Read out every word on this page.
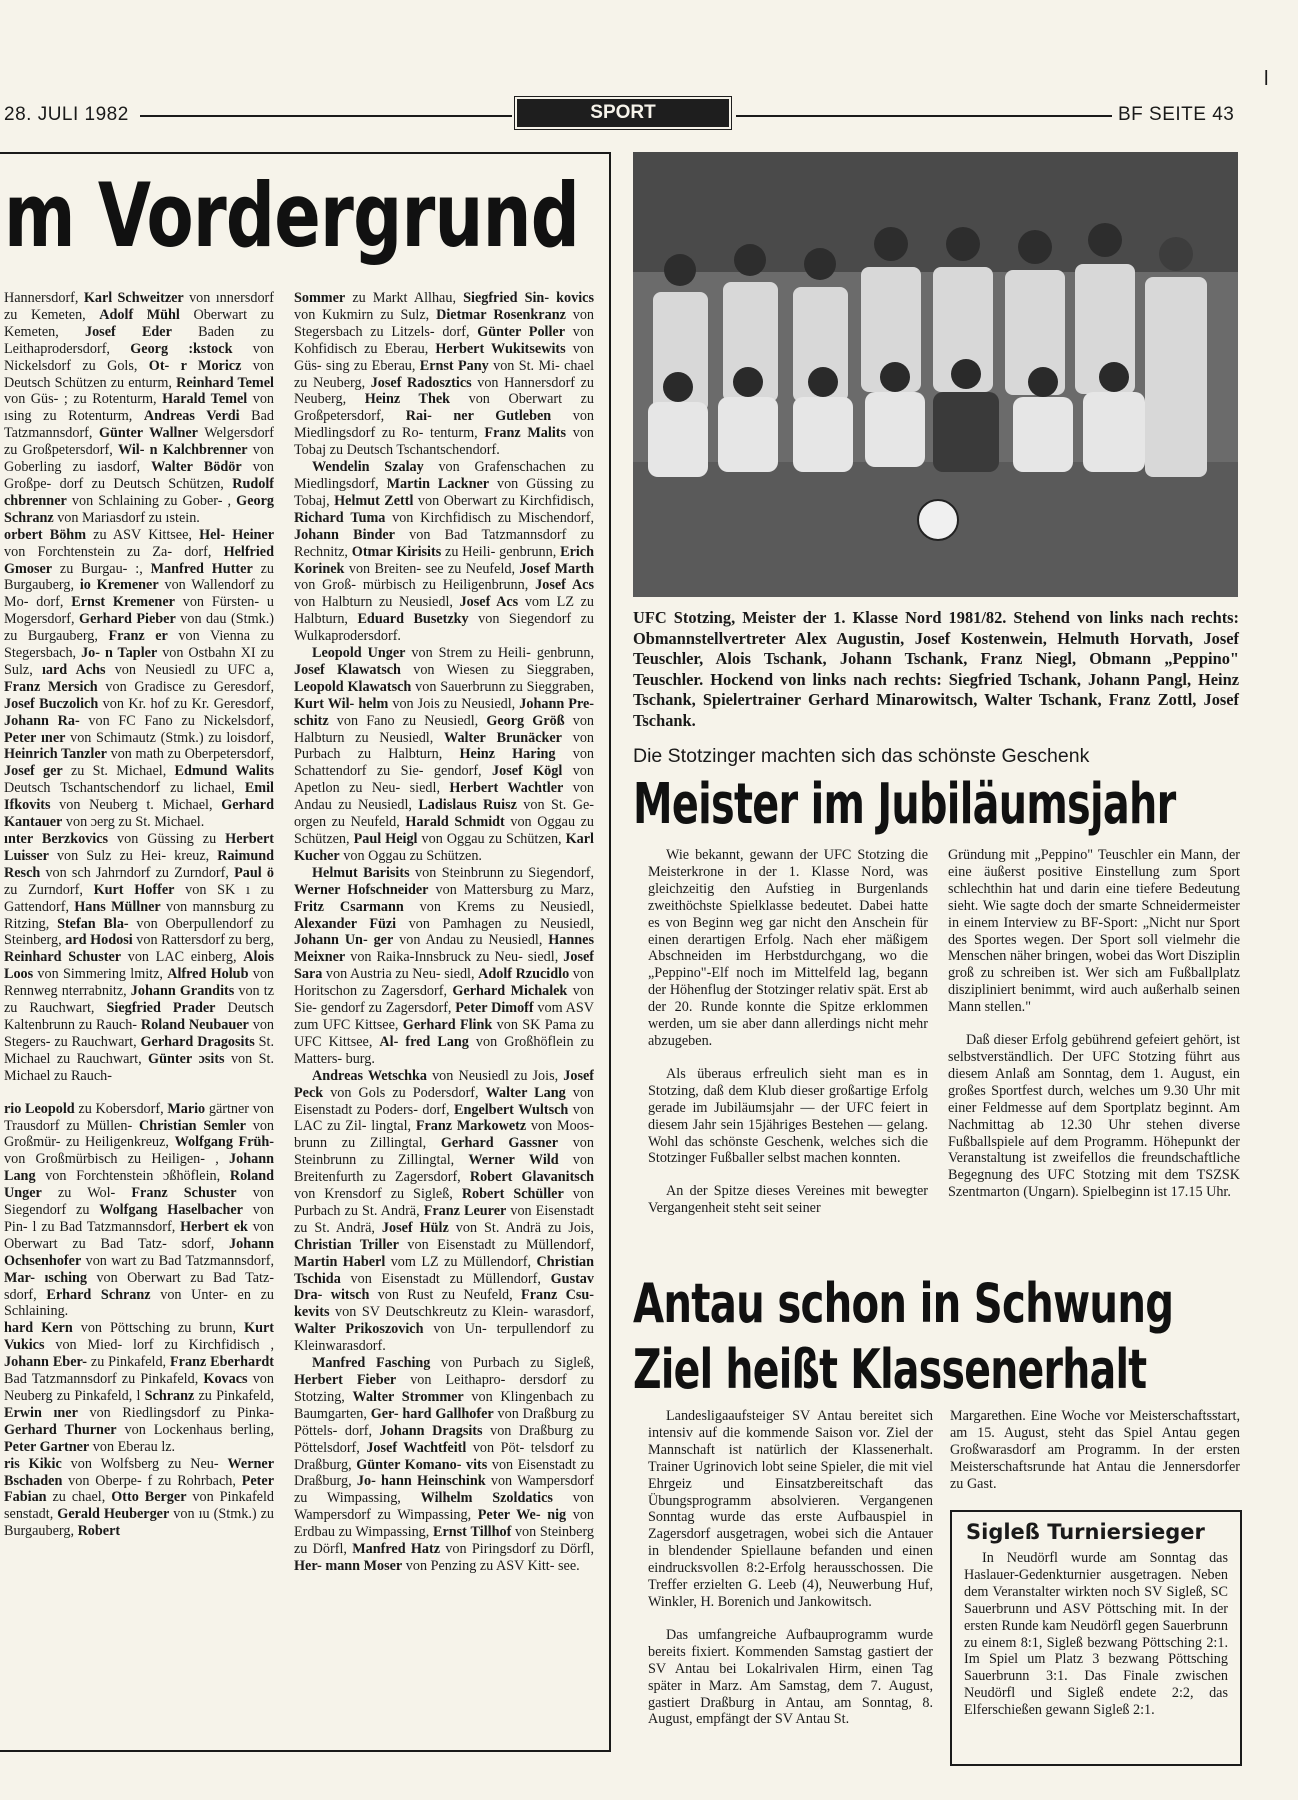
28. JULI 1982	SPORT	BF SEITE 43
l
m Vordergrund

Hannersdorf, Karl Schweitzer von ınnersdorf zu Kemeten, Adolf Mühl Oberwart zu Kemeten, Josef Eder Baden zu Leithaprodersdorf, Georg :kstock von Nickelsdorf zu Gols, Ot- r Moricz von Deutsch Schützen zu enturm, Reinhard Temel von Güs- ; zu Rotenturm, Harald Temel von ısing zu Rotenturm, Andreas Verdi Bad Tatzmannsdorf, Günter Wallner Welgersdorf zu Großpetersdorf, Wil- n Kalchbrenner von Goberling zu iasdorf, Walter Bödör von Großpe- dorf zu Deutsch Schützen, Rudolf chbrenner von Schlaining zu Gober- , Georg Schranz von Mariasdorf zu ıstein.

orbert Böhm zu ASV Kittsee, Hel- Heiner von Forchtenstein zu Za- dorf, Helfried Gmoser zu Burgau- :, Manfred Hutter zu Burgauberg, io Kremener von Wallendorf zu Mo- dorf, Ernst Kremener von Fürsten- u Mogersdorf, Gerhard Pieber von dau (Stmk.) zu Burgauberg, Franz er von Vienna zu Stegersbach, Jo- n Tapler von Ostbahn XI zu Sulz, ıard Achs von Neusiedl zu UFC a, Franz Mersich von Gradisce zu Geresdorf, Josef Buczolich von Kr. hof zu Kr. Geresdorf, Johann Ra- von FC Fano zu Nickelsdorf, Peter ıner von Schimautz (Stmk.) zu loisdorf, Heinrich Tanzler von math zu Oberpetersdorf, Josef ger zu St. Michael, Edmund Walits Deutsch Tschantschendorf zu lichael, Emil Ifkovits von Neuberg t. Michael, Gerhard Kantauer von ɔerg zu St. Michael.

ınter Berzkovics von Güssing zu Herbert Luisser von Sulz zu Hei- kreuz, Raimund Resch von sch Jahrndorf zu Zurndorf, Paul ö zu Zurndorf, Kurt Hoffer von SK ı zu Gattendorf, Hans Müllner von mannsburg zu Ritzing, Stefan Bla- von Oberpullendorf zu Steinberg, ard Hodosi von Rattersdorf zu berg, Reinhard Schuster von LAC einberg, Alois Loos von Simmering lmitz, Alfred Holub von Rennweg nterrabnitz, Johann Grandits von tz zu Rauchwart, Siegfried Prader Deutsch Kaltenbrunn zu Rauch- Roland Neubauer von Stegers- zu Rauchwart, Gerhard Dragosits St. Michael zu Rauchwart, Günter ɔsits von St. Michael zu Rauch-

rio Leopold zu Kobersdorf, Mario gärtner von Trausdorf zu Müllen- Christian Semler von Großmür- zu Heiligenkreuz, Wolfgang Früh- von Großmürbisch zu Heiligen- , Johann Lang von Forchtenstein ɔßhöflein, Roland Unger zu Wol- Franz Schuster von Siegendorf zu Wolfgang Haselbacher von Pin- l zu Bad Tatzmannsdorf, Herbert ek von Oberwart zu Bad Tatz- sdorf, Johann Ochsenhofer von wart zu Bad Tatzmannsdorf, Mar- ısching von Oberwart zu Bad Tatz- sdorf, Erhard Schranz von Unter- en zu Schlaining.

hard Kern von Pöttsching zu brunn, Kurt Vukics von Mied- lorf zu Kirchfidisch , Johann Eber- zu Pinkafeld, Franz Eberhardt Bad Tatzmannsdorf zu Pinkafeld, Kovacs von Neuberg zu Pinkafeld, l Schranz zu Pinkafeld, Erwin ıner von Riedlingsdorf zu Pinka- Gerhard Thurner von Lockenhaus berling, Peter Gartner von Eberau lz.

ris Kikic von Wolfsberg zu Neu- Werner Bschaden von Oberpe- f zu Rohrbach, Peter Fabian zu chael, Otto Berger von Pinkafeld senstadt, Gerald Heuberger von ıu (Stmk.) zu Burgauberg, Robert

Sommer zu Markt Allhau, Siegfried Sin- kovics von Kukmirn zu Sulz, Dietmar Rosenkranz von Stegersbach zu Litzels- dorf, Günter Poller von Kohfidisch zu Eberau, Herbert Wukitsewits von Güs- sing zu Eberau, Ernst Pany von St. Mi- chael zu Neuberg, Josef Radosztics von Hannersdorf zu Neuberg, Heinz Thek von Oberwart zu Großpetersdorf, Rai- ner Gutleben von Miedlingsdorf zu Ro- tenturm, Franz Malits von Tobaj zu Deutsch Tschantschendorf.

Wendelin Szalay von Grafenschachen zu Miedlingsdorf, Martin Lackner von Güssing zu Tobaj, Helmut Zettl von Oberwart zu Kirchfidisch, Richard Tuma von Kirchfidisch zu Mischendorf, Johann Binder von Bad Tatzmannsdorf zu Rechnitz, Otmar Kirisits zu Heili- genbrunn, Erich Korinek von Breiten- see zu Neufeld, Josef Marth von Groß- mürbisch zu Heiligenbrunn, Josef Acs von Halbturn zu Neusiedl, Josef Acs vom LZ zu Halbturn, Eduard Busetzky von Siegendorf zu Wulkaprodersdorf.

Leopold Unger von Strem zu Heili- genbrunn, Josef Klawatsch von Wiesen zu Sieggraben, Leopold Klawatsch von Sauerbrunn zu Sieggraben, Kurt Wil- helm von Jois zu Neusiedl, Johann Pre- schitz von Fano zu Neusiedl, Georg Größ von Halbturn zu Neusiedl, Walter Brunäcker von Purbach zu Halbturn, Heinz Haring von Schattendorf zu Sie- gendorf, Josef Kögl von Apetlon zu Neu- siedl, Herbert Wachtler von Andau zu Neusiedl, Ladislaus Ruisz von St. Ge- orgen zu Neufeld, Harald Schmidt von Oggau zu Schützen, Paul Heigl von Oggau zu Schützen, Karl Kucher von Oggau zu Schützen.

Helmut Barisits von Steinbrunn zu Siegendorf, Werner Hofschneider von Mattersburg zu Marz, Fritz Csarmann von Krems zu Neusiedl, Alexander Füzi von Pamhagen zu Neusiedl, Johann Un- ger von Andau zu Neusiedl, Hannes Meixner von Raika-Innsbruck zu Neu- siedl, Josef Sara von Austria zu Neu- siedl, Adolf Rzucidlo von Horitschon zu Zagersdorf, Gerhard Michalek von Sie- gendorf zu Zagersdorf, Peter Dimoff vom ASV zum UFC Kittsee, Gerhard Flink von SK Pama zu UFC Kittsee, Al- fred Lang von Großhöflein zu Matters- burg.

Andreas Wetschka von Neusiedl zu Jois, Josef Peck von Gols zu Podersdorf, Walter Lang von Eisenstadt zu Poders- dorf, Engelbert Wultsch von LAC zu Zil- lingtal, Franz Markowetz von Moos- brunn zu Zillingtal, Gerhard Gassner von Steinbrunn zu Zillingtal, Werner Wild von Breitenfurth zu Zagersdorf, Robert Glavanitsch von Krensdorf zu Sigleß, Robert Schüller von Purbach zu St. Andrä, Franz Leurer von Eisenstadt zu St. Andrä, Josef Hülz von St. Andrä zu Jois, Christian Triller von Eisenstadt zu Müllendorf, Martin Haberl vom LZ zu Müllendorf, Christian Tschida von Eisenstadt zu Müllendorf, Gustav Dra- witsch von Rust zu Neufeld, Franz Csu- kevits von SV Deutschkreutz zu Klein- warasdorf, Walter Prikoszovich von Un- terpullendorf zu Kleinwarasdorf.

Manfred Fasching von Purbach zu Sigleß, Herbert Fieber von Leithapro- dersdorf zu Stotzing, Walter Strommer von Klingenbach zu Baumgarten, Ger- hard Gallhofer von Draßburg zu Pöttels- dorf, Johann Dragsits von Draßburg zu Pöttelsdorf, Josef Wachtfeitl von Pöt- telsdorf zu Draßburg, Günter Komano- vits von Eisenstadt zu Draßburg, Jo- hann Heinschink von Wampersdorf zu Wimpassing, Wilhelm Szoldatics von Wampersdorf zu Wimpassing, Peter We- nig von Erdbau zu Wimpassing, Ernst Tillhof von Steinberg zu Dörfl, Manfred Hatz von Piringsdorf zu Dörfl, Her- mann Moser von Penzing zu ASV Kitt- see.

UFC Stotzing, Meister der 1. Klasse Nord 1981/82. Stehend von links nach rechts: Obmannstellvertreter Alex Augustin, Josef Kostenwein, Helmuth Horvath, Josef Teuschler, Alois Tschank, Johann Tschank, Franz Niegl, Obmann „Peppino" Teuschler. Hockend von links nach rechts: Siegfried Tschank, Johann Pangl, Heinz Tschank, Spielertrainer Gerhard Minarowitsch, Walter Tschank, Franz Zottl, Josef Tschank.
Die Stotzinger machten sich das schönste Geschenk
Meister im Jubiläumsjahr

Wie bekannt, gewann der UFC Stotzing die Meisterkrone in der 1. Klasse Nord, was gleichzeitig den Aufstieg in Burgenlands zweithöchste Spielklasse bedeutet. Dabei hatte es von Beginn weg gar nicht den Anschein für einen derartigen Erfolg. Nach eher mäßigem Abschneiden im Herbstdurchgang, wo die „Peppino"-Elf noch im Mittelfeld lag, begann der Höhenflug der Stotzinger relativ spät. Erst ab der 20. Runde konnte die Spitze erklommen werden, um sie aber dann allerdings nicht mehr abzugeben.

Als überaus erfreulich sieht man es in Stotzing, daß dem Klub dieser großartige Erfolg gerade im Jubiläumsjahr — der UFC feiert in diesem Jahr sein 15jähriges Bestehen — gelang. Wohl das schönste Geschenk, welches sich die Stotzinger Fußballer selbst machen konnten.

An der Spitze dieses Vereines mit bewegter Vergangenheit steht seit seiner

Gründung mit „Peppino" Teuschler ein Mann, der eine äußerst positive Einstellung zum Sport schlechthin hat und darin eine tiefere Bedeutung sieht. Wie sagte doch der smarte Schneidermeister in einem Interview zu BF-Sport: „Nicht nur Sport des Sportes wegen. Der Sport soll vielmehr die Menschen näher bringen, wobei das Wort Disziplin groß zu schreiben ist. Wer sich am Fußballplatz diszipliniert benimmt, wird auch außerhalb seinen Mann stellen."

Daß dieser Erfolg gebührend gefeiert gehört, ist selbstverständlich. Der UFC Stotzing führt aus diesem Anlaß am Sonntag, dem 1. August, ein großes Sportfest durch, welches um 9.30 Uhr mit einer Feldmesse auf dem Sportplatz beginnt. Am Nachmittag ab 12.30 Uhr stehen diverse Fußballspiele auf dem Programm. Höhepunkt der Veranstaltung ist zweifellos die freundschaftliche Begegnung des UFC Stotzing mit dem TSZSK Szentmarton (Ungarn). Spielbeginn ist 17.15 Uhr.

Antau schon in Schwung
Ziel heißt Klassenerhalt

Landesligaaufsteiger SV Antau bereitet sich intensiv auf die kommende Saison vor. Ziel der Mannschaft ist natürlich der Klassenerhalt. Trainer Ugrinovich lobt seine Spieler, die mit viel Ehrgeiz und Einsatzbereitschaft das Übungsprogramm absolvieren. Vergangenen Sonntag wurde das erste Aufbauspiel in Zagersdorf ausgetragen, wobei sich die Antauer in blendender Spiellaune befanden und einen eindrucksvollen 8:2-Erfolg herausschossen. Die Treffer erzielten G. Leeb (4), Neuwerbung Huf, Winkler, H. Borenich und Jankowitsch.

Das umfangreiche Aufbauprogramm wurde bereits fixiert. Kommenden Samstag gastiert der SV Antau bei Lokalrivalen Hirm, einen Tag später in Marz. Am Samstag, dem 7. August, gastiert Draßburg in Antau, am Sonntag, 8. August, empfängt der SV Antau St.

Margarethen. Eine Woche vor Meisterschaftsstart, am 15. August, steht das Spiel Antau gegen Großwarasdorf am Programm. In der ersten Meisterschaftsrunde hat Antau die Jennersdorfer zu Gast.

Sigleß Turniersieger

In Neudörfl wurde am Sonntag das Haslauer-Gedenkturnier ausgetragen. Neben dem Veranstalter wirkten noch SV Sigleß, SC Sauerbrunn und ASV Pöttsching mit. In der ersten Runde kam Neudörfl gegen Sauerbrunn zu einem 8:1, Sigleß bezwang Pöttsching 2:1. Im Spiel um Platz 3 bezwang Pöttsching Sauerbrunn 3:1. Das Finale zwischen Neudörfl und Sigleß endete 2:2, das Elferschießen gewann Sigleß 2:1.
